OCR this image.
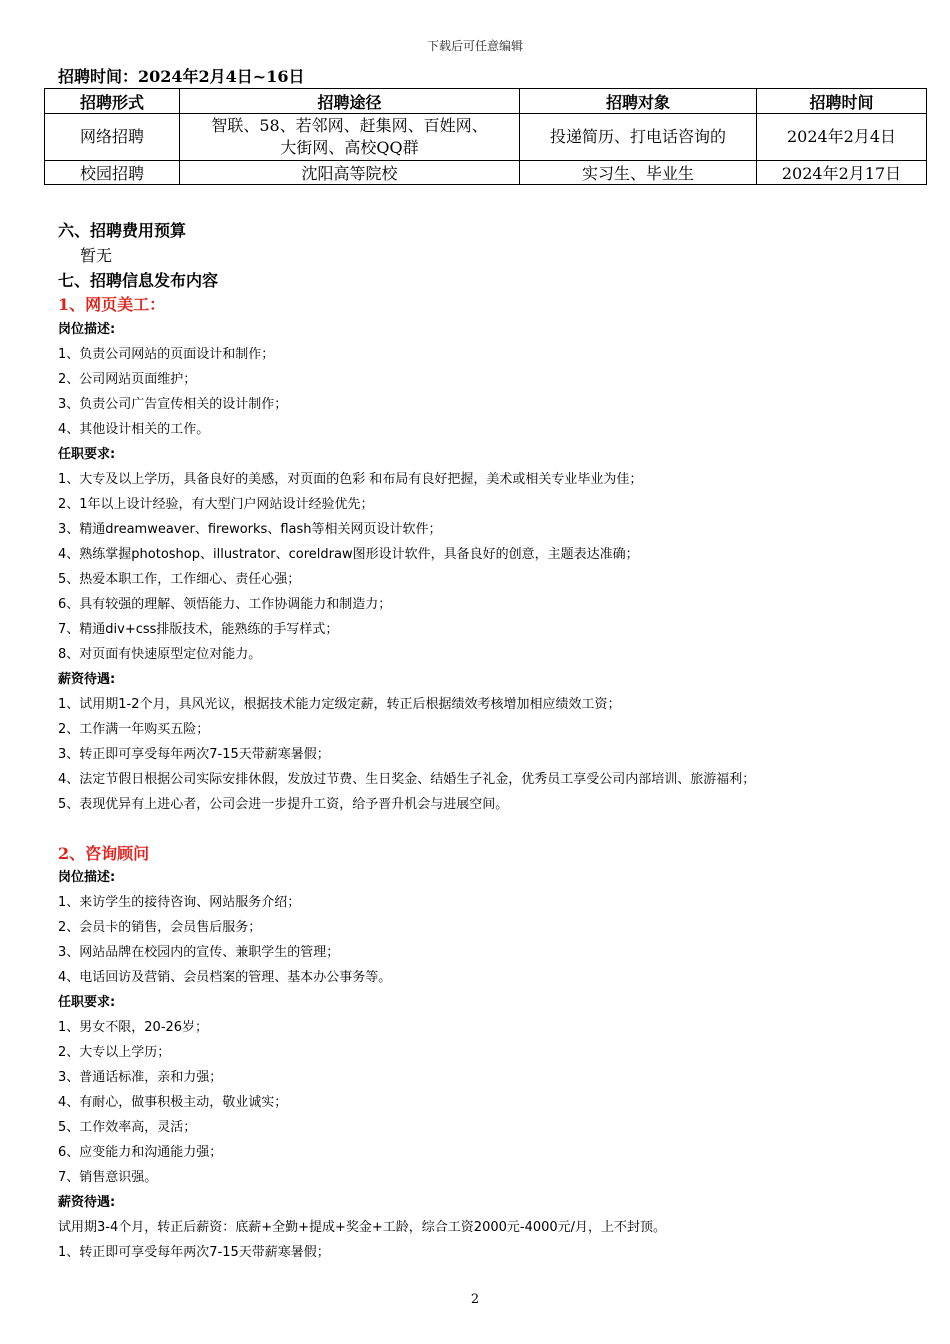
下载后可任意编辑
招聘时间：2024年2月4日~16日
招聘形式	招聘途径	招聘对象	招聘时间
网络招聘	智联、58、若邻网、赶集网、百姓网、大街网、高校QQ群	投递简历、打电话咨询的	2024年2月4日
校园招聘	沈阳高等院校	实习生、毕业生	2024年2月17日
六、招聘费用预算
暂无
七、招聘信息发布内容
1、网页美工：
岗位描述:
1、负责公司网站的页面设计和制作；
2、公司网站页面维护；
3、负责公司广告宣传相关的设计制作；
4、其他设计相关的工作。
任职要求:
1、大专及以上学历，具备良好的美感，对页面的色彩 和布局有良好把握，美术或相关专业毕业为佳；
2、1年以上设计经验，有大型门户网站设计经验优先；
3、精通dreamweaver、fireworks、flash等相关网页设计软件；
4、熟练掌握photoshop、illustrator、coreldraw图形设计软件，具备良好的创意，主题表达准确；
5、热爱本职工作，工作细心、责任心强；
6、具有较强的理解、领悟能力、工作协调能力和制造力；
7、精通div+css排版技术，能熟练的手写样式；
8、对页面有快速原型定位对能力。
薪资待遇:
1、试用期1-2个月，具风光议，根据技术能力定级定薪，转正后根据绩效考核增加相应绩效工资；
2、工作满一年购买五险；
3、转正即可享受每年两次7-15天带薪寒暑假；
4、法定节假日根据公司实际安排休假，发放过节费、生日奖金、结婚生子礼金，优秀员工享受公司内部培训、旅游福利；
5、表现优异有上进心者，公司会进一步提升工资，给予晋升机会与进展空间。
2、咨询顾问
岗位描述:
1、来访学生的接待咨询、网站服务介绍；
2、会员卡的销售，会员售后服务；
3、网站品牌在校园内的宣传、兼职学生的管理；
4、电话回访及营销、会员档案的管理、基本办公事务等。
任职要求:
1、男女不限，20-26岁；
2、大专以上学历；
3、普通话标准，亲和力强；
4、有耐心，做事积极主动，敬业诚实；
5、工作效率高，灵活；
6、应变能力和沟通能力强；
7、销售意识强。
薪资待遇:
试用期3-4个月，转正后薪资：底薪+全勤+提成+奖金+工龄，综合工资2000元-4000元/月，上不封顶。
1、转正即可享受每年两次7-15天带薪寒暑假；
2
